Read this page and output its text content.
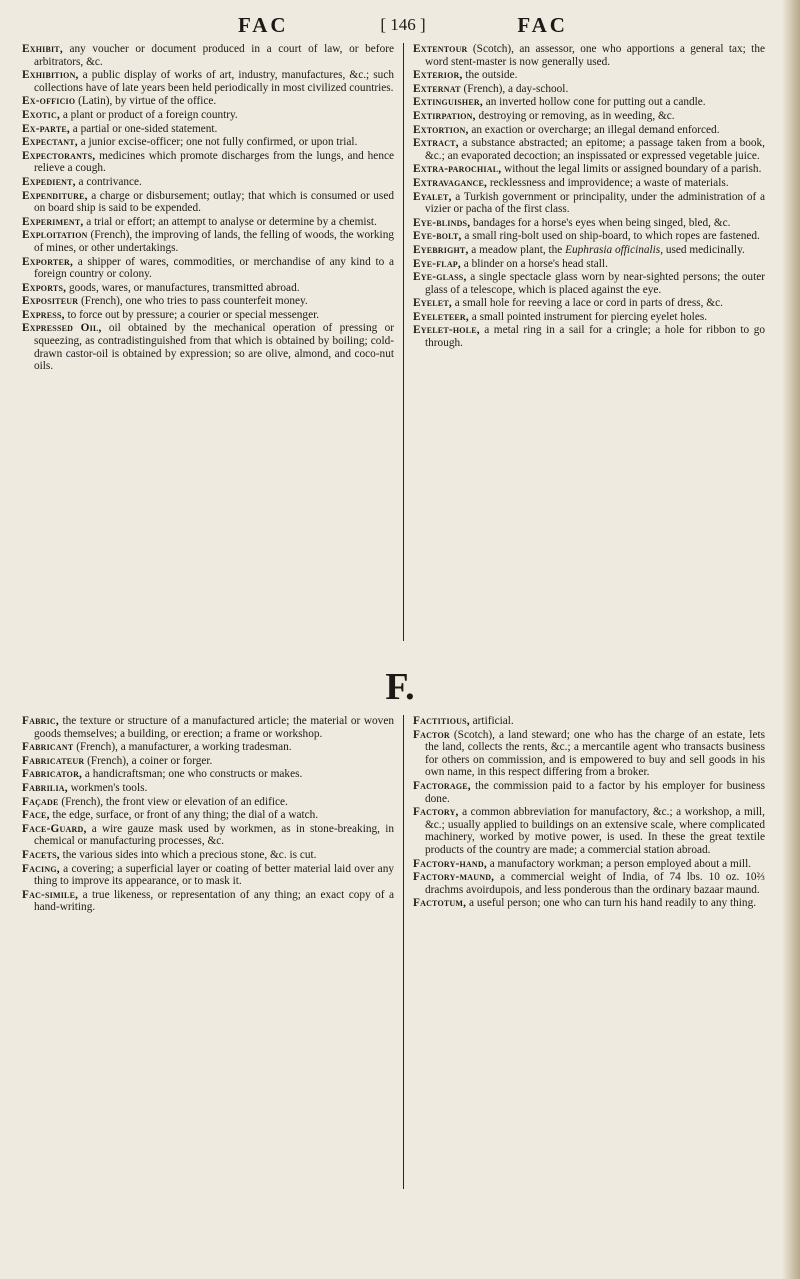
FAC	[ 146 ]	FAC

Exhibit, any voucher or document produced in a court of law, or before arbitrators, &c.

Exhibition, a public display of works of art, industry, manufactures, &c.; such collections have of late years been held periodically in most civilized countries.

Ex-officio (Latin), by virtue of the office.

Exotic, a plant or product of a foreign country.

Ex-parte, a partial or one-sided statement.

Expectant, a junior excise-officer; one not fully confirmed, or upon trial.

Expectorants, medicines which promote discharges from the lungs, and hence relieve a cough.

Expedient, a contrivance.

Expenditure, a charge or disbursement; outlay; that which is consumed or used on board ship is said to be expended.

Experiment, a trial or effort; an attempt to analyse or determine by a chemist.

Exploitation (French), the improving of lands, the felling of woods, the working of mines, or other undertakings.

Exporter, a shipper of wares, commodities, or merchandise of any kind to a foreign country or colony.

Exports, goods, wares, or manufactures, transmitted abroad.

Expositeur (French), one who tries to pass counterfeit money.

Express, to force out by pressure; a courier or special messenger.

Expressed Oil, oil obtained by the mechanical operation of pressing or squeezing, as contradistinguished from that which is obtained by boiling; cold-drawn castor-oil is obtained by expression; so are olive, almond, and coco-nut oils.

Extentour (Scotch), an assessor, one who apportions a general tax; the word stent-master is now generally used.

Exterior, the outside.

Externat (French), a day-school.

Extinguisher, an inverted hollow cone for putting out a candle.

Extirpation, destroying or removing, as in weeding, &c.

Extortion, an exaction or overcharge; an illegal demand enforced.

Extract, a substance abstracted; an epitome; a passage taken from a book, &c.; an evaporated decoction; an inspissated or expressed vegetable juice.

Extra-parochial, without the legal limits or assigned boundary of a parish.

Extravagance, recklessness and improvidence; a waste of materials.

Eyalet, a Turkish government or principality, under the administration of a vizier or pacha of the first class.

Eye-blinds, bandages for a horse's eyes when being singed, bled, &c.

Eye-bolt, a small ring-bolt used on ship-board, to which ropes are fastened.

Eyebright, a meadow plant, the Euphrasia officinalis, used medicinally.

Eye-flap, a blinder on a horse's head stall.

Eye-glass, a single spectacle glass worn by near-sighted persons; the outer glass of a telescope, which is placed against the eye.

Eyelet, a small hole for reeving a lace or cord in parts of dress, &c.

Eyeleteer, a small pointed instrument for piercing eyelet holes.

Eyelet-hole, a metal ring in a sail for a cringle; a hole for ribbon to go through.

F.

Fabric, the texture or structure of a manufactured article; the material or woven goods themselves; a building, or erection; a frame or workshop.

Fabricant (French), a manufacturer, a working tradesman.

Fabricateur (French), a coiner or forger.

Fabricator, a handicraftsman; one who constructs or makes.

Fabrilia, workmen's tools.

Façade (French), the front view or elevation of an edifice.

Face, the edge, surface, or front of any thing; the dial of a watch.

Face-Guard, a wire gauze mask used by workmen, as in stone-breaking, in chemical or manufacturing processes, &c.

Facets, the various sides into which a precious stone, &c. is cut.

Facing, a covering; a superficial layer or coating of better material laid over any thing to improve its appearance, or to mask it.

Fac-simile, a true likeness, or representation of any thing; an exact copy of a hand-writing.

Factitious, artificial.

Factor (Scotch), a land steward; one who has the charge of an estate, lets the land, collects the rents, &c.; a mercantile agent who transacts business for others on commission, and is empowered to buy and sell goods in his own name, in this respect differing from a broker.

Factorage, the commission paid to a factor by his employer for business done.

Factory, a common abbreviation for manufactory, &c.; a workshop, a mill, &c.; usually applied to buildings on an extensive scale, where complicated machinery, worked by motive power, is used. In these the great textile products of the country are made; a commercial station abroad.

Factory-hand, a manufactory workman; a person employed about a mill.

Factory-maund, a commercial weight of India, of 74 lbs. 10 oz. 10⅔ drachms avoirdupois, and less ponderous than the ordinary bazaar maund.

Factotum, a useful person; one who can turn his hand readily to any thing.
